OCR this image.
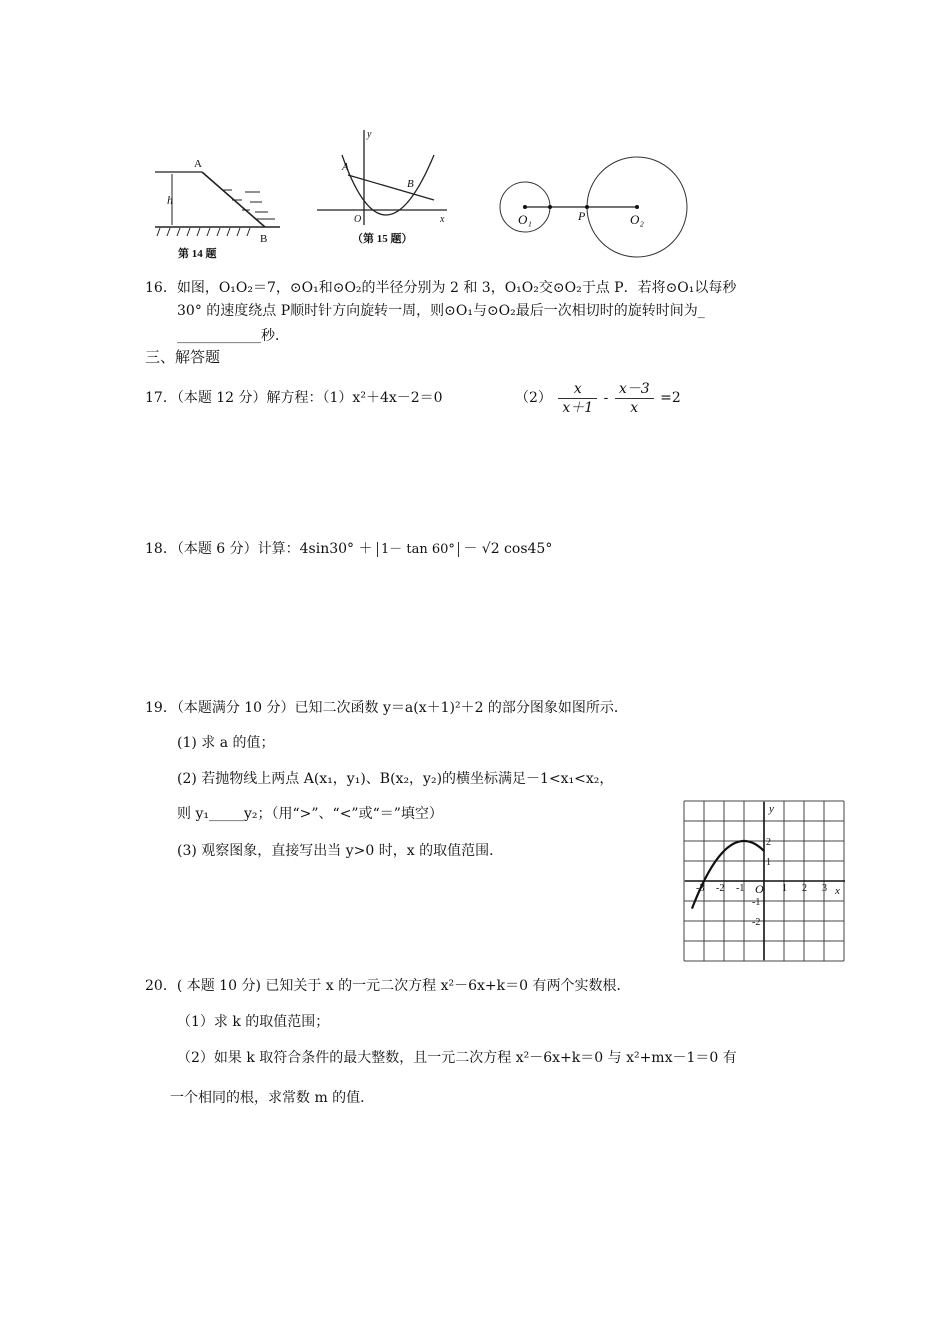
A
B
h
第 14 题
A
B
O	x
y
（第 15 题）
O₁	P	O₂
16．如图，O₁O₂＝7，⊙O₁和⊙O₂的半径分别为 2 和 3，O₁O₂交⊙O₂于点 P．若将⊙O₁以每秒
30° 的速度绕点 P顺时针方向旋转一周，则⊙O₁与⊙O₂最后一次相切时的旋转时间为_
____________秒．
三、解答题
17．（本题 12 分）解方程：（1）x²＋4x－2＝0	$(2) \frac{x}{x+1} - \frac{x-3}{x} =2$
18．（本题 6 分）计算：4sin30° ＋ 1－ tan 60° － √2 cos45°
19．（本题满分 10 分）已知二次函数 y＝a(x＋1)²＋2 的部分图象如图所示．
(1) 求 a 的值；
(2) 若抛物线上两点 A(x₁，y₁)、B(x₂，y₂)的横坐标满足－1<x₁<x₂，
则 y₁_____y₂；（用“>”、“<”或“＝”填空）
(3) 观察图象，直接写出当 y>0 时，x 的取值范围．
x
y
O
-3 -2 -1	1 2 3
2
1
-1
-2
20．( 本题 10 分) 已知关于 x 的一元二次方程 x²－6x+k＝0 有两个实数根．
（1）求 k 的取值范围；
（2）如果 k 取符合条件的最大整数，且一元二次方程 x²－6x+k＝0 与 x²+mx－1＝0 有
一个相同的根，求常数 m 的值．
